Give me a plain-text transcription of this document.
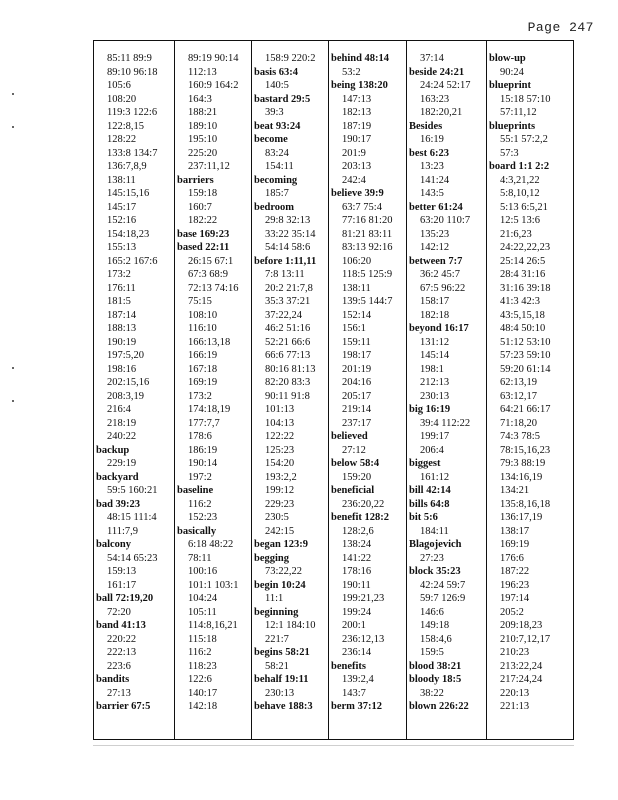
Page 247
85:11 89:9
89:10 96:18
105:6
108:20
119:3 122:6
122:8,15
128:22
133:8 134:7
136:7,8,9
138:11
145:15,16
145:17
152:16
154:18,23
155:13
165:2 167:6
173:2
176:11
181:5
187:14
188:13
190:19
197:5,20
198:16
202:15,16
208:3,19
216:4
218:19
240:22
backup
229:19
backyard
59:5 160:21
bad 39:23
48:15 111:4
111:7,9
balcony
54:14 65:23
159:13
161:17
ball 72:19,20
72:20
band 41:13
220:22
222:13
223:6
bandits
27:13
barrier 67:5
89:19 90:14
112:13
160:9 164:2
164:3
188:21
189:10
195:10
225:20
237:11,12
barriers
159:18
160:7
182:22
base 169:23
based 22:11
26:15 67:1
67:3 68:9
72:13 74:16
75:15
108:10
116:10
166:13,18
166:19
167:18
169:19
173:2
174:18,19
177:7,7
178:6
186:19
190:14
197:2
baseline
116:2
152:23
basically
6:18 48:22
78:11
100:16
101:1 103:1
104:24
105:11
114:8,16,21
115:18
116:2
118:23
122:6
140:17
142:18
158:9 220:2
basis 63:4
140:5
bastard 29:5
39:3
beat 93:24
become
83:24
154:11
becoming
185:7
bedroom
29:8 32:13
33:22 35:14
54:14 58:6
before 1:11,11
7:8 13:11
20:2 21:7,8
35:3 37:21
37:22,24
46:2 51:16
52:21 66:6
66:6 77:13
80:16 81:13
82:20 83:3
90:11 91:8
101:13
104:13
122:22
125:23
154:20
193:2,2
199:12
229:23
230:5
242:15
began 123:9
begging
73:22,22
begin 10:24
11:1
beginning
12:1 184:10
221:7
begins 58:21
58:21
behalf 19:11
230:13
behave 188:3
behind 48:14
53:2
being 138:20
147:13
182:13
187:19
190:17
201:9
203:13
242:4
believe 39:9
63:7 75:4
77:16 81:20
81:21 83:11
83:13 92:16
106:20
118:5 125:9
138:11
139:5 144:7
152:14
156:1
159:11
198:17
201:19
204:16
205:17
219:14
237:17
believed
27:12
below 58:4
159:20
beneficial
236:20,22
benefit 128:2
128:2,6
138:24
141:22
178:16
190:11
199:21,23
199:24
200:1
236:12,13
236:14
benefits
139:2,4
143:7
berm 37:12
37:14
beside 24:21
24:24 52:17
163:23
182:20,21
Besides
16:19
best 6:23
13:23
141:24
143:5
better 61:24
63:20 110:7
135:23
142:12
between 7:7
36:2 45:7
67:5 96:22
158:17
182:18
beyond 16:17
131:12
145:14
198:1
212:13
230:13
big 16:19
39:4 112:22
199:17
206:4
biggest
161:12
bill 42:14
bills 64:8
bit 5:6
184:11
Blagojevich
27:23
block 35:23
42:24 59:7
59:7 126:9
146:6
149:18
158:4,6
159:5
blood 38:21
bloody 18:5
38:22
blown 226:22
blow-up
90:24
blueprint
15:18 57:10
57:11,12
blueprints
55:1 57:2,2
57:3
board 1:1 2:2
4:3,21,22
5:8,10,12
5:13 6:5,21
12:5 13:6
21:6,23
24:22,22,23
25:14 26:5
28:4 31:16
31:16 39:18
41:3 42:3
43:5,15,18
48:4 50:10
51:12 53:10
57:23 59:10
59:20 61:14
62:13,19
63:12,17
64:21 66:17
71:18,20
74:3 78:5
78:15,16,23
79:3 88:19
134:16,19
134:21
135:8,16,18
136:17,19
138:17
169:19
176:6
187:22
196:23
197:14
205:2
209:18,23
210:7,12,17
210:23
213:22,24
217:24,24
220:13
221:13
